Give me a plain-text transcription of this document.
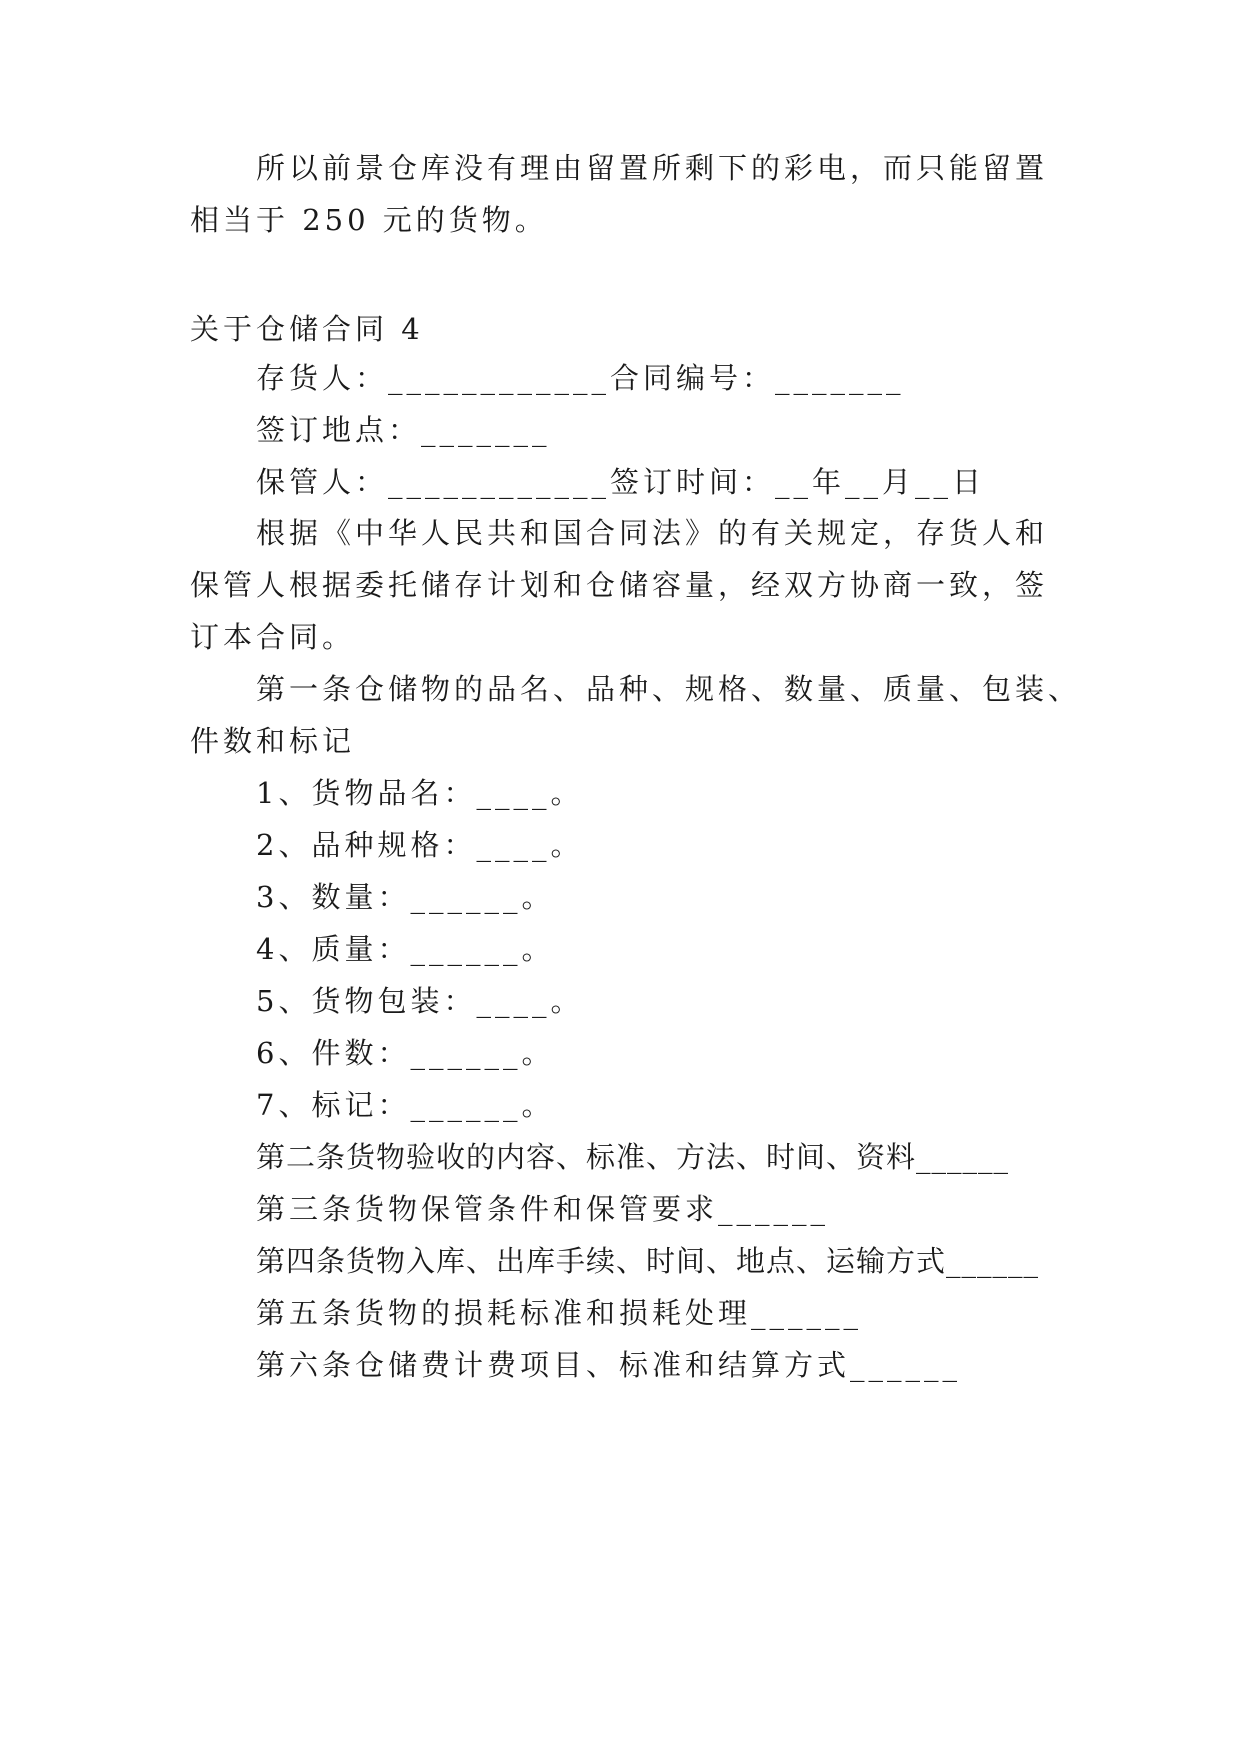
所以前景仓库没有理由留置所剩下的彩电，而只能留置
相当于 250 元的货物。
关于仓储合同 4
存货人：____________合同编号：_______
签订地点：_______
保管人：____________签订时间：__年__月__日
根据《中华人民共和国合同法》的有关规定，存货人和
保管人根据委托储存计划和仓储容量，经双方协商一致，签
订本合同。
第一条仓储物的品名、品种、规格、数量、质量、包装、
件数和标记
1、货物品名：____。
2、品种规格：____。
3、数量：______。
4、质量：______。
5、货物包装：____。
6、件数：______。
7、标记：______。
第二条货物验收的内容、标准、方法、时间、资料______
第三条货物保管条件和保管要求______
第四条货物入库、出库手续、时间、地点、运输方式______
第五条货物的损耗标准和损耗处理______
第六条仓储费计费项目、标准和结算方式______
